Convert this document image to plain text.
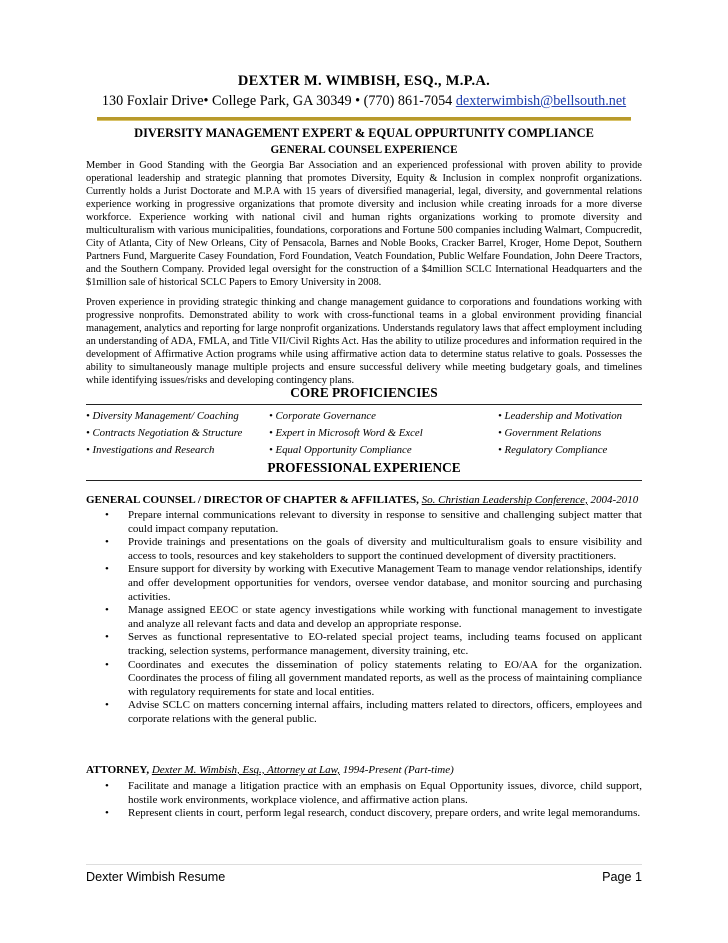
DEXTER M. WIMBISH, ESQ., M.P.A.
130 Foxlair Drive• College Park, GA 30349 • (770) 861-7054 dexterwimbish@bellsouth.net
DIVERSITY MANAGEMENT EXPERT & EQUAL OPPURTUNITY COMPLIANCE
GENERAL COUNSEL EXPERIENCE
Member in Good Standing with the Georgia Bar Association and an experienced professional with proven ability to provide operational leadership and strategic planning that promotes Diversity, Equity & Inclusion in complex nonprofit organizations. Currently holds a Jurist Doctorate and M.P.A with 15 years of diversified managerial, legal, diversity, and governmental relations experience working in progressive organizations that promote diversity and inclusion while creating inroads for a more diverse workforce. Experience working with national civil and human rights organizations working to promote diversity and multiculturalism with various municipalities, foundations, corporations and Fortune 500 companies including Walmart, Compucredit, City of Atlanta, City of New Orleans, City of Pensacola, Barnes and Noble Books, Cracker Barrel, Kroger, Home Depot, Southern Partners Fund, Marguerite Casey Foundation, Ford Foundation, Veatch Foundation, Public Welfare Foundation, John Deere Tractors, and the Southern Company. Provided legal oversight for the construction of a $4million SCLC International Headquarters and the $1million sale of historical SCLC Papers to Emory University in 2008.
Proven experience in providing strategic thinking and change management guidance to corporations and foundations working with progressive nonprofits. Demonstrated ability to work with cross-functional teams in a global environment providing financial management, analytics and reporting for large nonprofit organizations. Understands regulatory laws that affect employment including an understanding of ADA, FMLA, and Title VII/Civil Rights Act. Has the ability to utilize procedures and information required in the development of Affirmative Action programs while using affirmative action data to determine status relative to goals. Possesses the ability to simultaneously manage multiple projects and ensure successful delivery while meeting budgetary goals, and timelines while identifying issues/risks and developing contingency plans.
CORE PROFICIENCIES
• Diversity Management/ Coaching	• Corporate Governance	• Leadership and Motivation
• Contracts Negotiation & Structure • Expert in Microsoft Word & Excel	• Government Relations
• Investigations and Research	• Equal Opportunity Compliance	• Regulatory Compliance
PROFESSIONAL EXPERIENCE
GENERAL COUNSEL / DIRECTOR OF CHAPTER & AFFILIATES, So. Christian Leadership Conference, 2004-2010
• Prepare internal communications relevant to diversity in response to sensitive and challenging subject matter that could impact company reputation.
• Provide trainings and presentations on the goals of diversity and multiculturalism goals to ensure visibility and access to tools, resources and key stakeholders to support the continued development of diversity practitioners.
• Ensure support for diversity by working with Executive Management Team to manage vendor relationships, identify and offer development opportunities for vendors, oversee vendor database, and monitor sourcing and purchasing activities.
• Manage assigned EEOC or state agency investigations while working with functional management to investigate and analyze all relevant facts and data and develop an appropriate response.
• Serves as functional representative to EO-related special project teams, including teams focused on applicant tracking, selection systems, performance management, diversity training, etc.
• Coordinates and executes the dissemination of policy statements relating to EO/AA for the organization. Coordinates the process of filing all government mandated reports, as well as the process of maintaining compliance with regulatory requirements for state and local entities.
• Advise SCLC on matters concerning internal affairs, including matters related to directors, officers, employees and corporate relations with the general public.
ATTORNEY, Dexter M. Wimbish, Esq., Attorney at Law, 1994-Present (Part-time)
• Facilitate and manage a litigation practice with an emphasis on Equal Opportunity issues, divorce, child support, hostile work environments, workplace violence, and affirmative action plans.
• Represent clients in court, perform legal research, conduct discovery, prepare orders, and write legal memorandums.
Dexter Wimbish Resume	Page 1
